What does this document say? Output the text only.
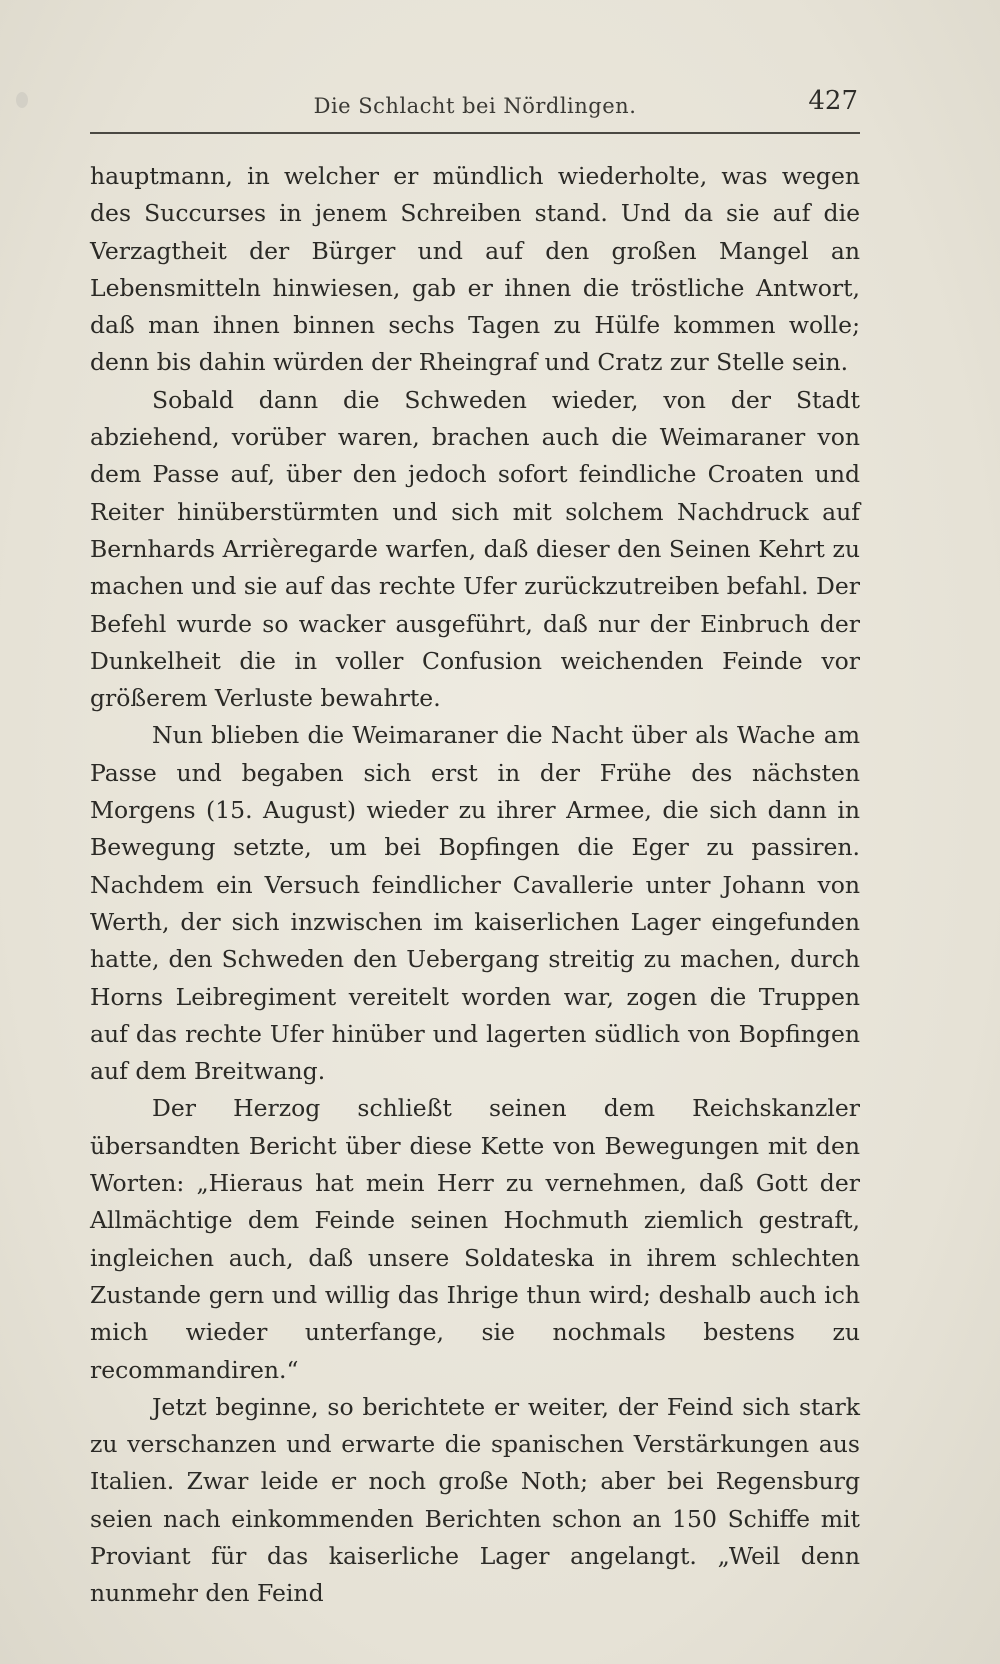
Die Schlacht bei Nördlingen.	427

hauptmann, in welcher er mündlich wiederholte, was wegen des Succurses in jenem Schreiben stand. Und da sie auf die Verzagtheit der Bürger und auf den großen Mangel an Lebensmitteln hinwiesen, gab er ihnen die tröstliche Antwort, daß man ihnen binnen sechs Tagen zu Hülfe kommen wolle; denn bis dahin würden der Rheingraf und Cratz zur Stelle sein.

Sobald dann die Schweden wieder, von der Stadt abziehend, vorüber waren, brachen auch die Weimaraner von dem Passe auf, über den jedoch sofort feindliche Croaten und Reiter hinüberstürmten und sich mit solchem Nachdruck auf Bernhards Arrièregarde warfen, daß dieser den Seinen Kehrt zu machen und sie auf das rechte Ufer zurückzutreiben befahl. Der Befehl wurde so wacker ausgeführt, daß nur der Einbruch der Dunkelheit die in voller Confusion weichenden Feinde vor größerem Verluste bewahrte.

Nun blieben die Weimaraner die Nacht über als Wache am Passe und begaben sich erst in der Frühe des nächsten Morgens (15. August) wieder zu ihrer Armee, die sich dann in Bewegung setzte, um bei Bopfingen die Eger zu passiren. Nachdem ein Versuch feindlicher Cavallerie unter Johann von Werth, der sich inzwischen im kaiserlichen Lager eingefunden hatte, den Schweden den Uebergang streitig zu machen, durch Horns Leibregiment vereitelt worden war, zogen die Truppen auf das rechte Ufer hinüber und lagerten südlich von Bopfingen auf dem Breitwang.

Der Herzog schließt seinen dem Reichskanzler übersandten Bericht über diese Kette von Bewegungen mit den Worten: „Hieraus hat mein Herr zu vernehmen, daß Gott der Allmächtige dem Feinde seinen Hochmuth ziemlich gestraft, ingleichen auch, daß unsere Soldateska in ihrem schlechten Zustande gern und willig das Ihrige thun wird; deshalb auch ich mich wieder unterfange, sie nochmals bestens zu recommandiren.“

Jetzt beginne, so berichtete er weiter, der Feind sich stark zu verschanzen und erwarte die spanischen Verstärkungen aus Italien. Zwar leide er noch große Noth; aber bei Regensburg seien nach einkommenden Berichten schon an 150 Schiffe mit Proviant für das kaiserliche Lager angelangt. „Weil denn nunmehr den Feind
